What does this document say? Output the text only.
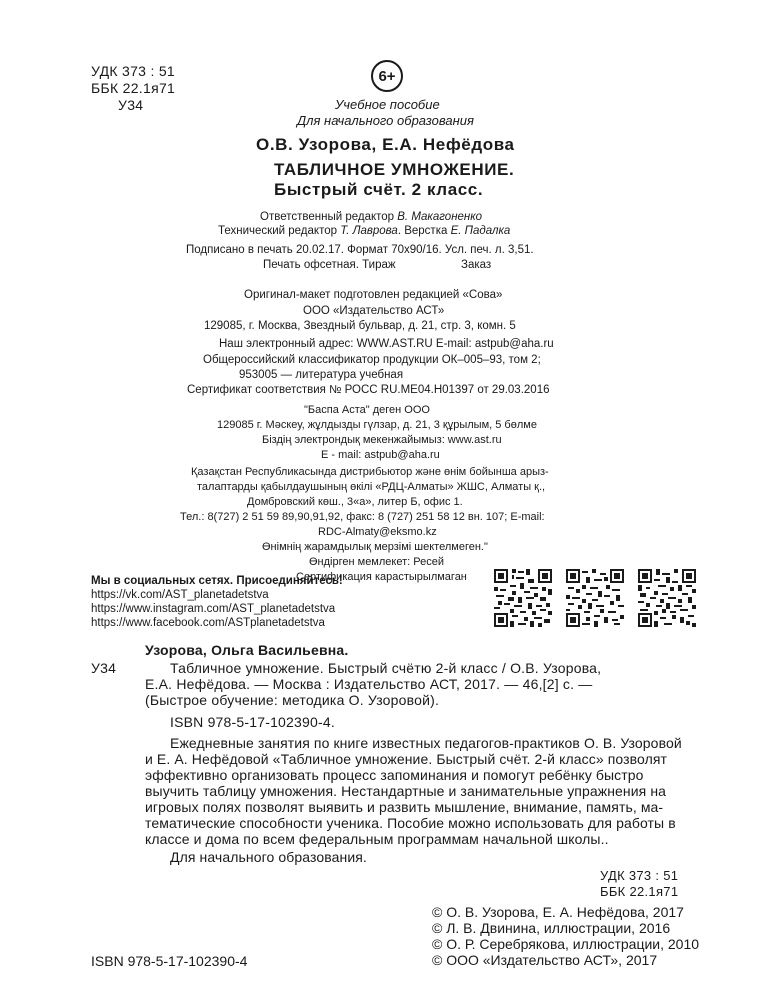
УДК 373 : 51
ББК 22.1я71
У34
6+
Учебное пособие
Для начального образования
О.В. Узорова, Е.А. Нефёдова
ТАБЛИЧНОЕ УМНОЖЕНИЕ.
Быстрый счёт. 2 класс.
Ответственный редактор В. Макагоненко
Технический редактор Т. Лаврова. Верстка Е. Падалка
Подписано в печать 20.02.17. Формат 70х90/16. Усл. печ. л. 3,51.
Печать офсетная. Тираж	Заказ
Оригинал-макет подготовлен редакцией «Сова»
ООО «Издательство АСТ»
129085, г. Москва, Звездный бульвар, д. 21, стр. 3, комн. 5
Наш электронный адрес: WWW.AST.RU E-mail: astpub@aha.ru
Общероссийский классификатор продукции ОК–005–93, том 2;
953005 — литература учебная
Сертификат соответствия № РОСС RU.МЕ04.Н01397 от 29.03.2016
"Баспа Аста" деген ООО
129085 г. Мәскеу, жұлдызды гүлзар, д. 21, 3 құрылым, 5 бөлме
Біздің электрондық мекенжайымыз: www.ast.ru
E - mail: astpub@aha.ru
Қазақстан Республикасында дистрибьютор және өнім бойынша арыз-
талаптарды қабылдаушының өкілі «РДЦ-Алматы» ЖШС, Алматы қ.,
Домбровский көш., 3«а», литер Б, офис 1.
Тел.: 8(727) 2 51 59 89,90,91,92, факс: 8 (727) 251 58 12 вн. 107; E-mail:
RDC-Almaty@eksmo.kz
Өнімнің жарамдылық мерзімі шектелмеген."
Өндірген мемлекет: Ресей
Сертификация карастырылмаган
Мы в социальных сетях. Присоединяйтесь!
https://vk.com/AST_planetadetstva
https://www.instagram.com/AST_planetadetstva
https://www.facebook.com/ASTplanetadetstva
Узорова, Ольга Васильевна.
У34	Табличное умножение. Быстрый счётю 2-й класс / О.В. Узорова,
Е.А. Нефёдова. — Москва : Издательство АСТ, 2017. — 46,[2] с. —
(Быстрое обучение: методика О. Узоровой).
ISBN 978-5-17-102390-4.
Ежедневные занятия по книге известных педагогов-практиков О. В. Узоровой
и Е. А. Нефёдовой «Табличное умножение. Быстрый счёт. 2-й класс» позволят
эффективно организовать процесс запоминания и помогут ребёнку быстро
выучить таблицу умножения. Нестандартные и занимательные упражнения на
игровых полях позволят выявить и развить мышление, внимание, память, ма-
тематические способности ученика. Пособие можно использовать для работы в
классе и дома по всем федеральным программам начальной школы..
Для начального образования.
УДК 373 : 51
ББК 22.1я71
© О. В. Узорова, Е. А. Нефёдова, 2017
© Л. В. Двинина, иллюстрации, 2016
© О. Р. Серебрякова, иллюстрации, 2010
© ООО «Издательство АСТ», 2017
ISBN 978-5-17-102390-4
